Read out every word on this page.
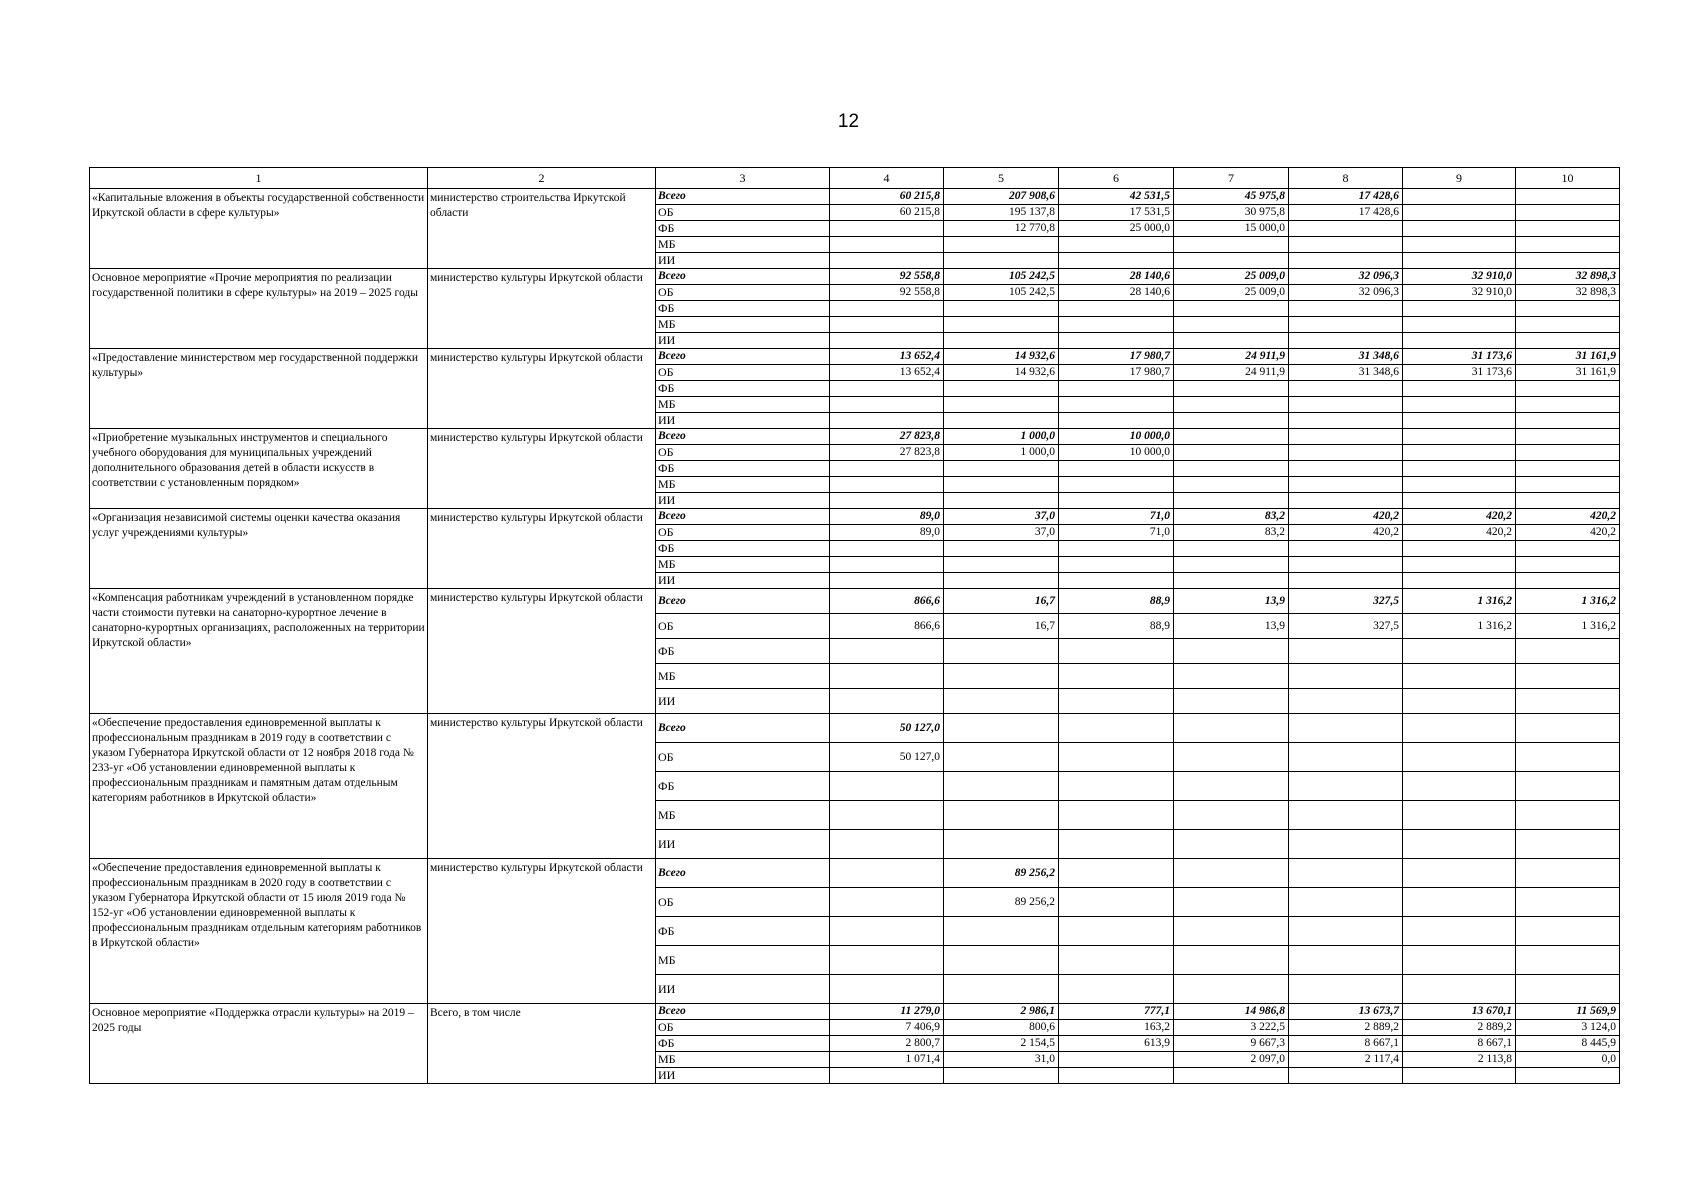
12
1	2	3	4	5	6	7	8	9	10
«Капитальные вложения в объекты государственной собственности Иркутской области в сфере культуры»	министерство строительства Иркутской области	Всего	60 215,8	207 908,6	42 531,5	45 975,8	17 428,6		
		ОБ	60 215,8	195 137,8	17 531,5	30 975,8	17 428,6		
		ФБ		12 770,8	25 000,0	15 000,0			
		МБ							
		ИИ							
Основное мероприятие «Прочие мероприятия по реализации государственной политики в сфере культуры» на 2019 – 2025 годы	министерство культуры Иркутской области	Всего	92 558,8	105 242,5	28 140,6	25 009,0	32 096,3	32 910,0	32 898,3
		ОБ	92 558,8	105 242,5	28 140,6	25 009,0	32 096,3	32 910,0	32 898,3
		ФБ							
		МБ							
		ИИ							
«Предоставление министерством мер государственной поддержки культуры»	министерство культуры Иркутской области	Всего	13 652,4	14 932,6	17 980,7	24 911,9	31 348,6	31 173,6	31 161,9
		ОБ	13 652,4	14 932,6	17 980,7	24 911,9	31 348,6	31 173,6	31 161,9
		ФБ							
		МБ							
		ИИ							
«Приобретение музыкальных инструментов и специального учебного оборудования для муниципальных учреждений дополнительного образования детей в области искусств в соответствии с установленным порядком»	министерство культуры Иркутской области	Всего	27 823,8	1 000,0	10 000,0				
		ОБ	27 823,8	1 000,0	10 000,0				
		ФБ							
		МБ							
		ИИ							
«Организация независимой системы оценки качества оказания услуг учреждениями культуры»	министерство культуры Иркутской области	Всего	89,0	37,0	71,0	83,2	420,2	420,2	420,2
		ОБ	89,0	37,0	71,0	83,2	420,2	420,2	420,2
		ФБ							
		МБ							
		ИИ							
«Компенсация работникам учреждений в установленном порядке части стоимости путевки на санаторно-курортное лечение в санаторно-курортных организациях, расположенных на территории Иркутской области»	министерство культуры Иркутской области	Всего	866,6	16,7	88,9	13,9	327,5	1 316,2	1 316,2
		ОБ	866,6	16,7	88,9	13,9	327,5	1 316,2	1 316,2
		ФБ							
		МБ							
		ИИ							
«Обеспечение предоставления единовременной выплаты к профессиональным праздникам в 2019 году в соответствии с указом Губернатора Иркутской области от 12 ноября 2018 года № 233-уг «Об установлении единовременной выплаты к профессиональным праздникам и памятным датам отдельным категориям работников в Иркутской области»	министерство культуры Иркутской области	Всего	50 127,0						
		ОБ	50 127,0						
		ФБ							
		МБ							
		ИИ							
«Обеспечение предоставления единовременной выплаты к профессиональным праздникам в 2020 году в соответствии с указом Губернатора Иркутской области от 15 июля 2019 года № 152-уг «Об установлении единовременной выплаты к профессиональным праздникам отдельным категориям работников в Иркутской области»	министерство культуры Иркутской области	Всего		89 256,2					
		ОБ		89 256,2					
		ФБ							
		МБ							
		ИИ							
Основное мероприятие «Поддержка отрасли культуры» на 2019 – 2025 годы	Всего, в том числе	Всего	11 279,0	2 986,1	777,1	14 986,8	13 673,7	13 670,1	11 569,9
		ОБ	7 406,9	800,6	163,2	3 222,5	2 889,2	2 889,2	3 124,0
		ФБ	2 800,7	2 154,5	613,9	9 667,3	8 667,1	8 667,1	8 445,9
		МБ	1 071,4	31,0		2 097,0	2 117,4	2 113,8	0,0
		ИИ							
